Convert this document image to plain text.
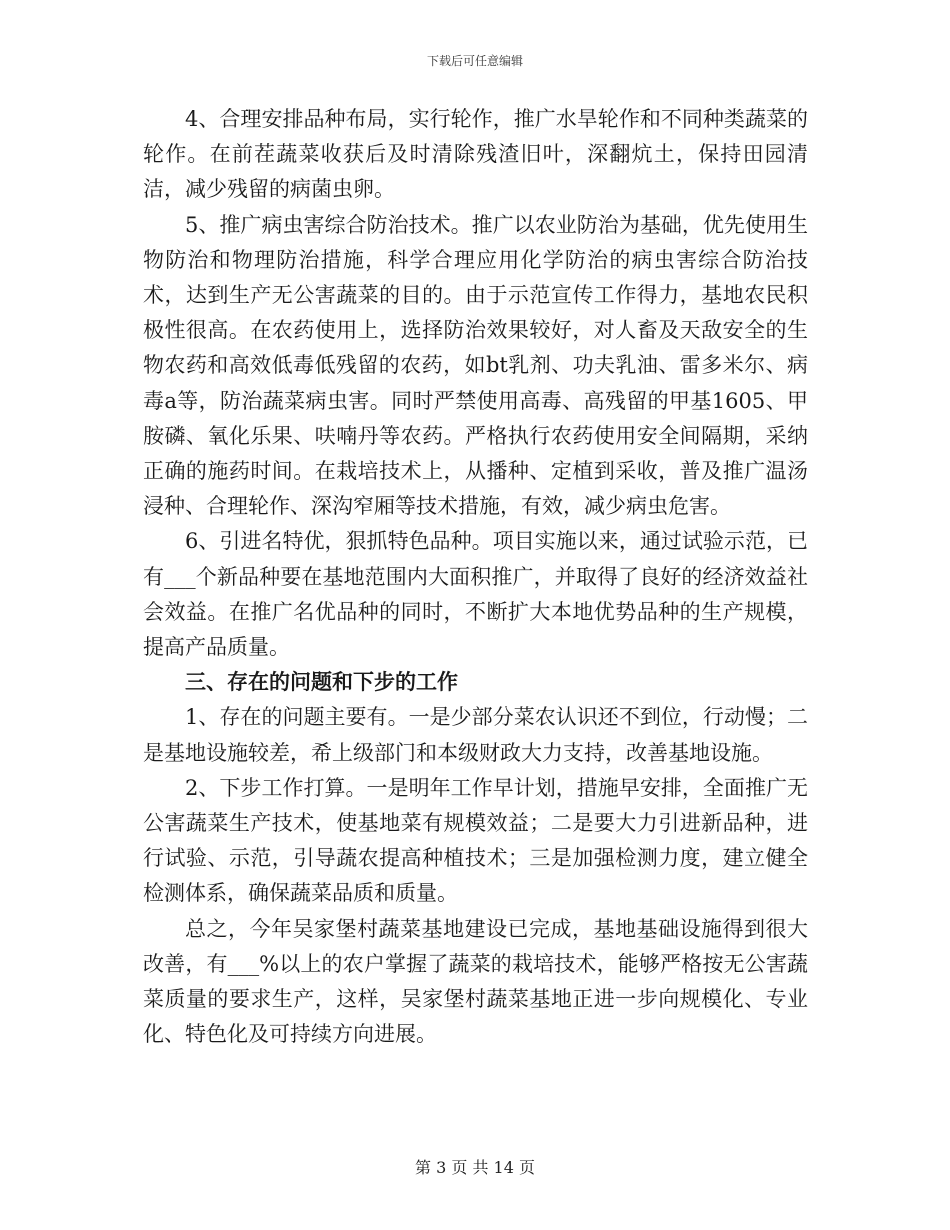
下载后可任意编辑

4、合理安排品种布局，实行轮作，推广水旱轮作和不同种类蔬菜的轮作。在前茬蔬菜收获后及时清除残渣旧叶，深翻炕土，保持田园清洁，减少残留的病菌虫卵。

5、推广病虫害综合防治技术。推广以农业防治为基础，优先使用生物防治和物理防治措施，科学合理应用化学防治的病虫害综合防治技术，达到生产无公害蔬菜的目的。由于示范宣传工作得力，基地农民积极性很高。在农药使用上，选择防治效果较好，对人畜及天敌安全的生物农药和高效低毒低残留的农药，如bt乳剂、功夫乳油、雷多米尔、病毒a等，防治蔬菜病虫害。同时严禁使用高毒、高残留的甲基1605、甲胺磷、氧化乐果、呋喃丹等农药。严格执行农药使用安全间隔期，采纳正确的施药时间。在栽培技术上，从播种、定植到采收，普及推广温汤浸种、合理轮作、深沟窄厢等技术措施，有效，减少病虫危害。

6、引进名特优，狠抓特色品种。项目实施以来，通过试验示范，已有___个新品种要在基地范围内大面积推广，并取得了良好的经济效益社会效益。在推广名优品种的同时，不断扩大本地优势品种的生产规模，提高产品质量。

三、存在的问题和下步的工作

1、存在的问题主要有。一是少部分菜农认识还不到位，行动慢；二是基地设施较差，希上级部门和本级财政大力支持，改善基地设施。

2、下步工作打算。一是明年工作早计划，措施早安排，全面推广无公害蔬菜生产技术，使基地菜有规模效益；二是要大力引进新品种，进行试验、示范，引导蔬农提高种植技术；三是加强检测力度，建立健全检测体系，确保蔬菜品质和质量。

总之，今年吴家堡村蔬菜基地建设已完成，基地基础设施得到很大改善，有___%以上的农户掌握了蔬菜的栽培技术，能够严格按无公害蔬菜质量的要求生产，这样，吴家堡村蔬菜基地正进一步向规模化、专业化、特色化及可持续方向进展。

第 3 页 共 14 页
